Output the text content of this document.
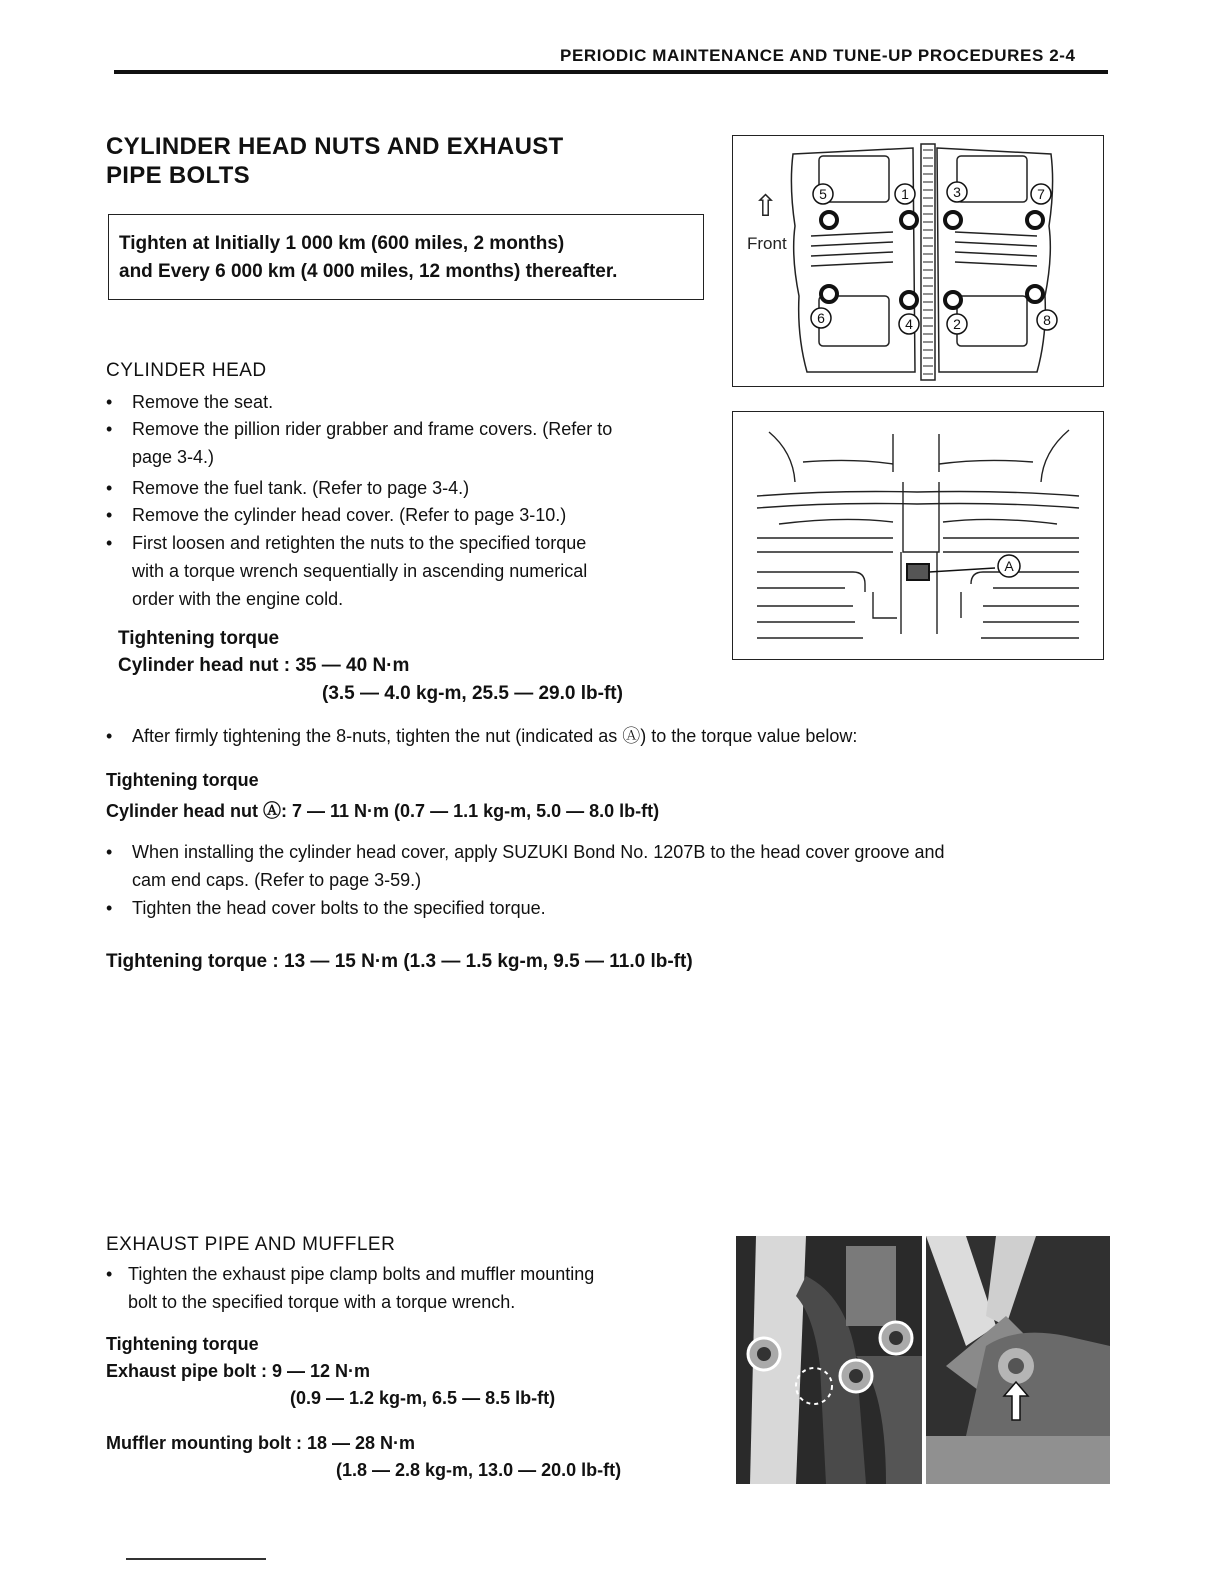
PERIODIC MAINTENANCE AND TUNE-UP PROCEDURES 2-4
CYLINDER HEAD NUTS AND EXHAUST
PIPE BOLTS
Tighten at Initially 1 000 km (600 miles, 2 months)
and Every 6 000 km (4 000 miles, 12 months) thereafter.
CYLINDER HEAD
• Remove the seat.
• Remove the pillion rider grabber and frame covers. (Refer to
page 3-4.)
• Remove the fuel tank. (Refer to page 3-4.)
• Remove the cylinder head cover. (Refer to page 3-10.)
• First loosen and retighten the nuts to the specified torque
with a torque wrench sequentially in ascending numerical
order with the engine cold.
Tightening torque
Cylinder head nut : 35 — 40 N·m
(3.5 — 4.0 kg-m, 25.5 — 29.0 lb-ft)
• After firmly tightening the 8-nuts, tighten the nut (indicated as Ⓐ) to the torque value below:
Tightening torque
Cylinder head nut Ⓐ: 7 — 11 N·m (0.7 — 1.1 kg-m, 5.0 — 8.0 lb-ft)
• When installing the cylinder head cover, apply SUZUKI Bond No. 1207B to the head cover groove and
cam end caps. (Refer to page 3-59.)
• Tighten the head cover bolts to the specified torque.
Tightening torque : 13 — 15 N·m (1.3 — 1.5 kg-m, 9.5 — 11.0 lb-ft)
⇧
Front
5	1	3	7
6	4	2	8
A
EXHAUST PIPE AND MUFFLER
• Tighten the exhaust pipe clamp bolts and muffler mounting
bolt to the specified torque with a torque wrench.
Tightening torque
Exhaust pipe bolt : 9 — 12 N·m
(0.9 — 1.2 kg-m, 6.5 — 8.5 lb-ft)
Muffler mounting bolt : 18 — 28 N·m
(1.8 — 2.8 kg-m, 13.0 — 20.0 lb-ft)
